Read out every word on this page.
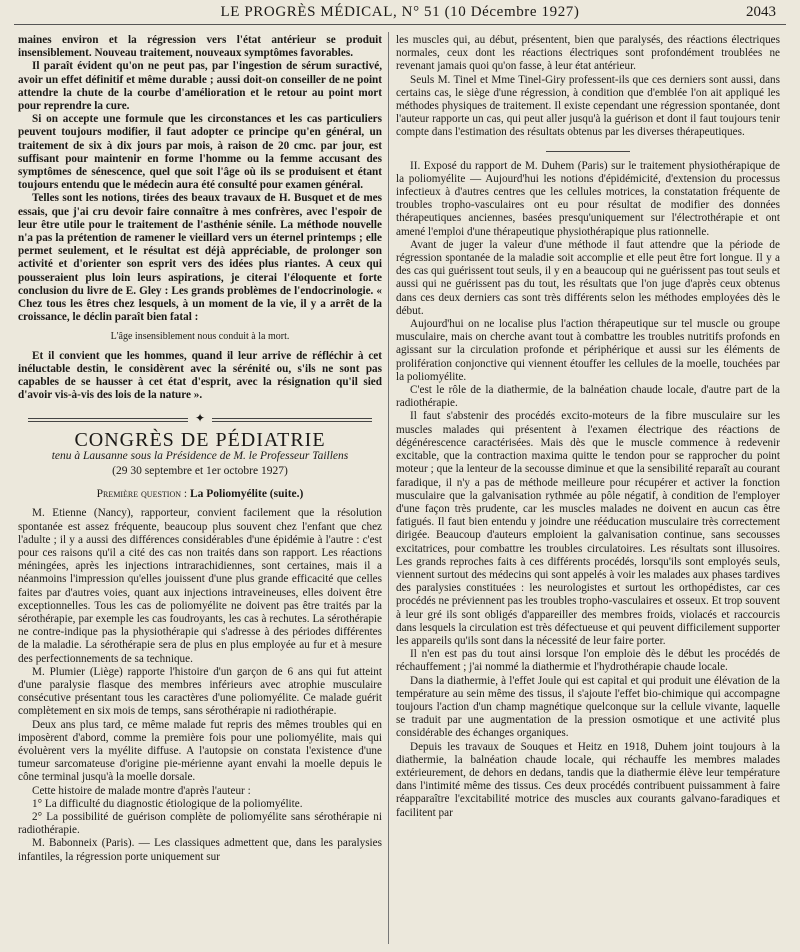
LE PROGRÈS MÉDICAL, N° 51 (10 Décembre 1927)	2043

maines environ et la régression vers l'état antérieur se produit insensiblement. Nouveau traitement, nouveaux symptômes favorables.

Il paraît évident qu'on ne peut pas, par l'ingestion de sérum suractivé, avoir un effet définitif et même durable ; aussi doit-on conseiller de ne point attendre la chute de la courbe d'amélioration et le retour au point mort pour reprendre la cure.

Si on accepte une formule que les circonstances et les cas particuliers peuvent toujours modifier, il faut adopter ce principe qu'en général, un traitement de six à dix jours par mois, à raison de 20 cmc. par jour, est suffisant pour maintenir en forme l'homme ou la femme accusant des symptômes de sénescence, quel que soit l'âge où ils se produisent et étant toujours entendu que le médecin aura été consulté pour examen général.

Telles sont les notions, tirées des beaux travaux de H. Busquet et de mes essais, que j'ai cru devoir faire connaître à mes confrères, avec l'espoir de leur être utile pour le traitement de l'asthénie sénile. La méthode nouvelle n'a pas la prétention de ramener le vieillard vers un éternel printemps ; elle permet seulement, et le résultat est déjà appréciable, de prolonger son activité et d'orienter son esprit vers des idées plus riantes. A ceux qui pousseraient plus loin leurs aspirations, je citerai l'éloquente et forte conclusion du livre de E. Gley : Les grands problèmes de l'endocrinologie. « Chez tous les êtres chez lesquels, à un moment de la vie, il y a arrêt de la croissance, le déclin paraît bien fatal :

L'âge insensiblement nous conduit à la mort.

Et il convient que les hommes, quand il leur arrive de réfléchir à cet inéluctable destin, le considèrent avec la sérénité ou, s'ils ne sont pas capables de se hausser à cet état d'esprit, avec la résignation qu'il sied d'avoir vis-à-vis des lois de la nature ».

✦
CONGRÈS DE PÉDIATRIE
tenu à Lausanne sous la Présidence de M. le Professeur Taillens
(29 30 septembre et 1er octobre 1927)
Première question : La Poliomyélite (suite.)

M. Etienne (Nancy), rapporteur, convient facilement que la résolution spontanée est assez fréquente, beaucoup plus souvent chez l'enfant que chez l'adulte ; il y a aussi des différences considérables d'une épidémie à l'autre : c'est pour ces raisons qu'il a cité des cas non traités dans son rapport. Les réactions méningées, après les injections intrarachidiennes, sont certaines, mais il a néanmoins l'impression qu'elles jouissent d'une plus grande efficacité que celles faites par d'autres voies, quant aux injections intraveineuses, elles doivent être exceptionnelles. Tous les cas de poliomyélite ne doivent pas être traités par la sérothérapie, par exemple les cas foudroyants, les cas à rechutes. La sérothérapie ne contre-indique pas la physiothérapie qui s'adresse à des périodes différentes de la maladie. La sérothérapie sera de plus en plus employée au fur et à mesure des perfectionnements de sa technique.

M. Plumier (Liège) rapporte l'histoire d'un garçon de 6 ans qui fut atteint d'une paralysie flasque des membres inférieurs avec atrophie musculaire consécutive présentant tous les caractères d'une poliomyélite. Ce malade guérit complètement en six mois de temps, sans sérothérapie ni radiothérapie.

Deux ans plus tard, ce même malade fut repris des mêmes troubles qui en imposèrent d'abord, comme la première fois pour une poliomyélite, mais qui évoluèrent vers la myélite diffuse. A l'autopsie on constata l'existence d'une tumeur sarcomateuse d'origine pie-mérienne ayant envahi la moelle depuis le cône terminal jusqu'à la moelle dorsale.

Cette histoire de malade montre d'après l'auteur :

1° La difficulté du diagnostic étiologique de la poliomyélite.

2° La possibilité de guérison complète de poliomyélite sans sérothérapie ni radiothérapie.

M. Babonneix (Paris). — Les classiques admettent que, dans les paralysies infantiles, la régression porte uniquement sur

les muscles qui, au début, présentent, bien que paralysés, des réactions électriques normales, ceux dont les réactions électriques sont profondément troublées ne revenant jamais quoi qu'on fasse, à leur état antérieur.

Seuls M. Tinel et Mme Tinel-Giry professent-ils que ces derniers sont aussi, dans certains cas, le siège d'une régression, à condition que d'emblée l'on ait appliqué les méthodes physiques de traitement. Il existe cependant une régression spontanée, dont l'auteur rapporte un cas, qui peut aller jusqu'à la guérison et dont il faut toujours tenir compte dans l'estimation des résultats obtenus par les diverses thérapeutiques.

II. Exposé du rapport de M. Duhem (Paris) sur le traitement physiothérapique de la poliomyélite — Aujourd'hui les notions d'épidémicité, d'extension du processus infectieux à d'autres centres que les cellules motrices, la constatation fréquente de troubles tropho-vasculaires ont eu pour résultat de modifier des données thérapeutiques anciennes, basées presqu'uniquement sur l'électrothérapie et ont amené l'emploi d'une thérapeutique physiothérapique plus rationnelle.

Avant de juger la valeur d'une méthode il faut attendre que la période de régression spontanée de la maladie soit accomplie et elle peut être fort longue. Il y a des cas qui guérissent tout seuls, il y en a beaucoup qui ne guérissent pas tout seuls et aussi qui ne guérissent pas du tout, les résultats que l'on juge d'après ceux obtenus dans ces deux derniers cas sont très différents selon les méthodes employées dès le début.

Aujourd'hui on ne localise plus l'action thérapeutique sur tel muscle ou groupe musculaire, mais on cherche avant tout à combattre les troubles nutritifs profonds en agissant sur la circulation profonde et périphérique et aussi sur les éléments de prolifération conjonctive qui viennent étouffer les cellules de la moelle, touchées par la poliomyélite.

C'est le rôle de la diathermie, de la balnéation chaude locale, d'autre part de la radiothérapie.

Il faut s'abstenir des procédés excito-moteurs de la fibre musculaire sur les muscles malades qui présentent à l'examen électrique des réactions de dégénérescence caractérisées. Mais dès que le muscle commence à redevenir excitable, que la contraction maxima quitte le tendon pour se rapprocher du point moteur ; que la lenteur de la secousse diminue et que la sensibilité reparaît au courant faradique, il n'y a pas de méthode meilleure pour récupérer et activer la fonction musculaire que la galvanisation rythmée au pôle négatif, à condition de l'employer d'une façon très prudente, car les muscles malades ne doivent en aucun cas être fatigués. Il faut bien entendu y joindre une rééducation musculaire très correctement dirigée. Beaucoup d'auteurs emploient la galvanisation continue, sans secousses excitatrices, pour combattre les troubles circulatoires. Les résultats sont illusoires. Les grands reproches faits à ces différents procédés, lorsqu'ils sont employés seuls, viennent surtout des médecins qui sont appelés à voir les malades aux phases tardives des paralysies constituées : les neurologistes et surtout les orthopédistes, car ces procédés ne préviennent pas les troubles tropho-vasculaires et osseux. Et trop souvent à leur gré ils sont obligés d'appareiller des membres froids, violacés et raccourcis dans lesquels la circulation est très défectueuse et qui peuvent difficilement supporter les appareils qu'ils sont dans la nécessité de leur faire porter.

Il n'en est pas du tout ainsi lorsque l'on emploie dès le début les procédés de réchauffement ; j'ai nommé la diathermie et l'hydrothérapie chaude locale.

Dans la diathermie, à l'effet Joule qui est capital et qui produit une élévation de la température au sein même des tissus, il s'ajoute l'effet bio-chimique qui accompagne toujours l'action d'un champ magnétique quelconque sur la cellule vivante, laquelle se traduit par une augmentation de la pression osmotique et une activité plus considérable des échanges organiques.

Depuis les travaux de Souques et Heitz en 1918, Duhem joint toujours à la diathermie, la balnéation chaude locale, qui réchauffe les membres malades extérieurement, de dehors en dedans, tandis que la diathermie élève leur température dans l'intimité même des tissus. Ces deux procédés contribuent puissamment à faire réapparaître l'excitabilité motrice des muscles aux courants galvano-faradiques et facilitent par
